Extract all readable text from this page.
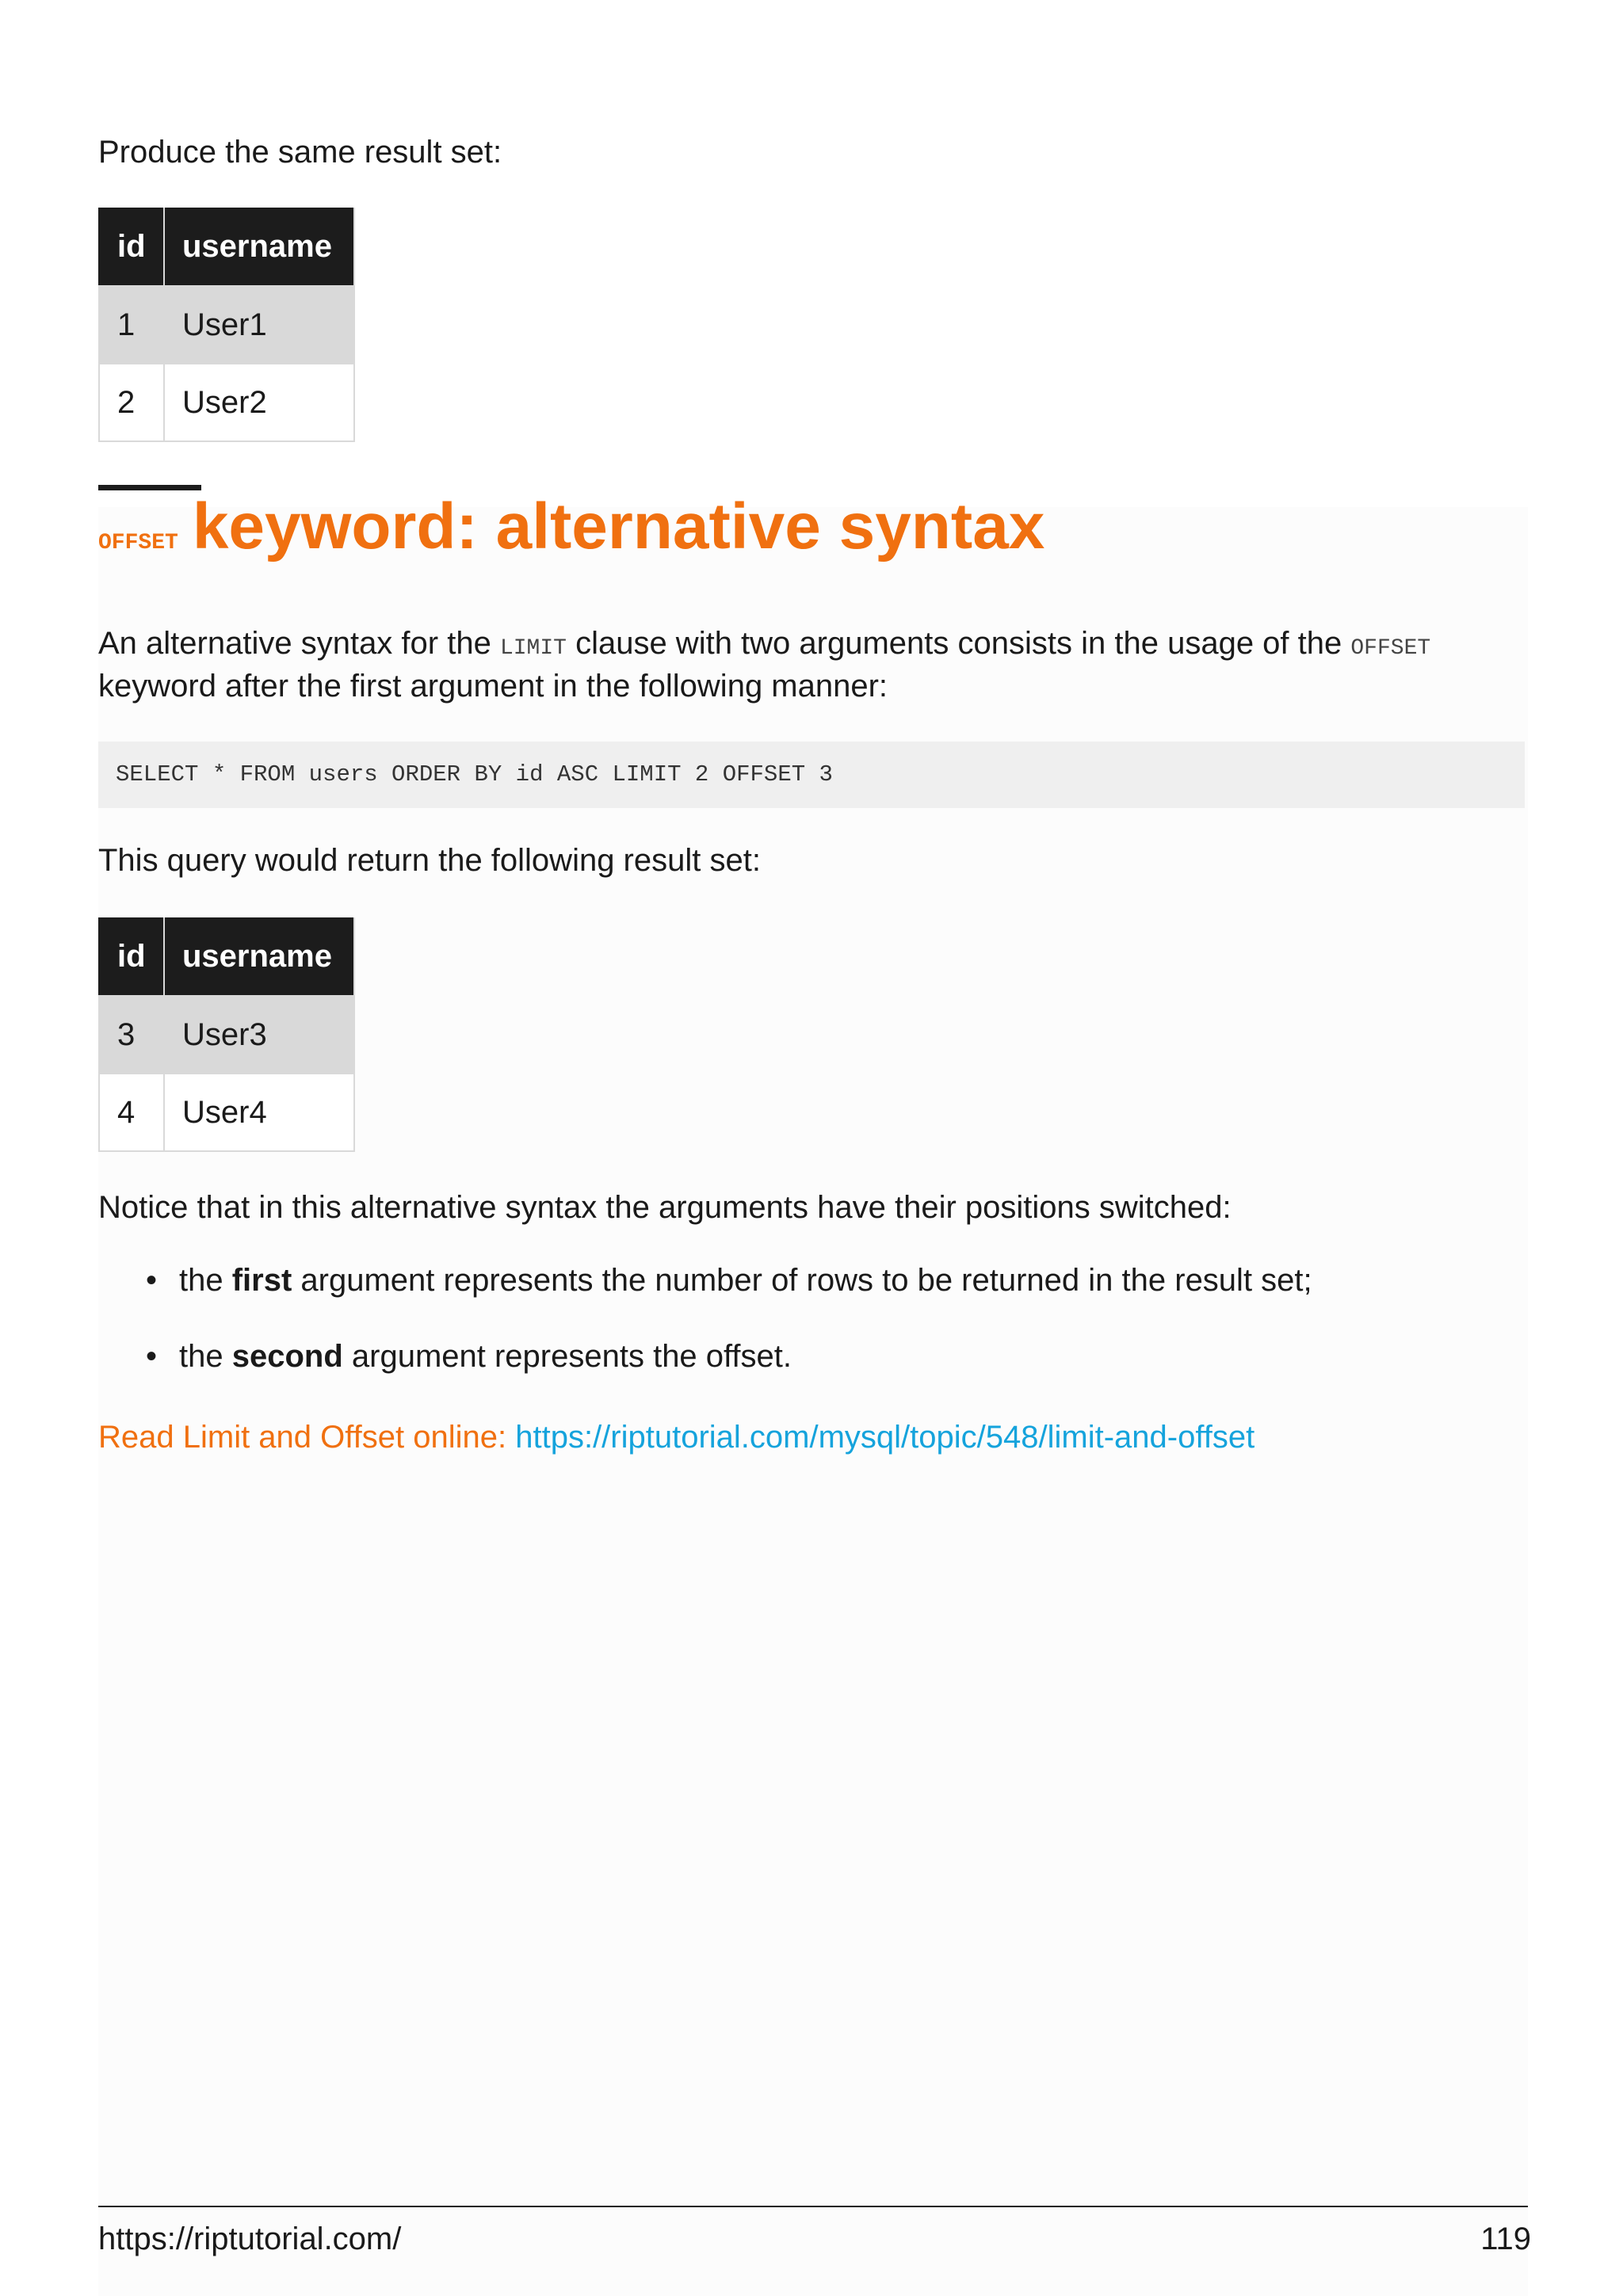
Produce the same result set:

id	username
1	User1
2	User2
OFFSET keyword: alternative syntax

An alternative syntax for the LIMIT clause with two arguments consists in the usage of the OFFSET

keyword after the first argument in the following manner:

SELECT * FROM users ORDER BY id ASC LIMIT 2 OFFSET 3

This query would return the following result set:

id	username
3	User3
4	User4

Notice that in this alternative syntax the arguments have their positions switched:

• the first argument represents the number of rows to be returned in the result set;
• the second argument represents the offset.

Read Limit and Offset online: https://riptutorial.com/mysql/topic/548/limit-and-offset

https://riptutorial.com/	119
